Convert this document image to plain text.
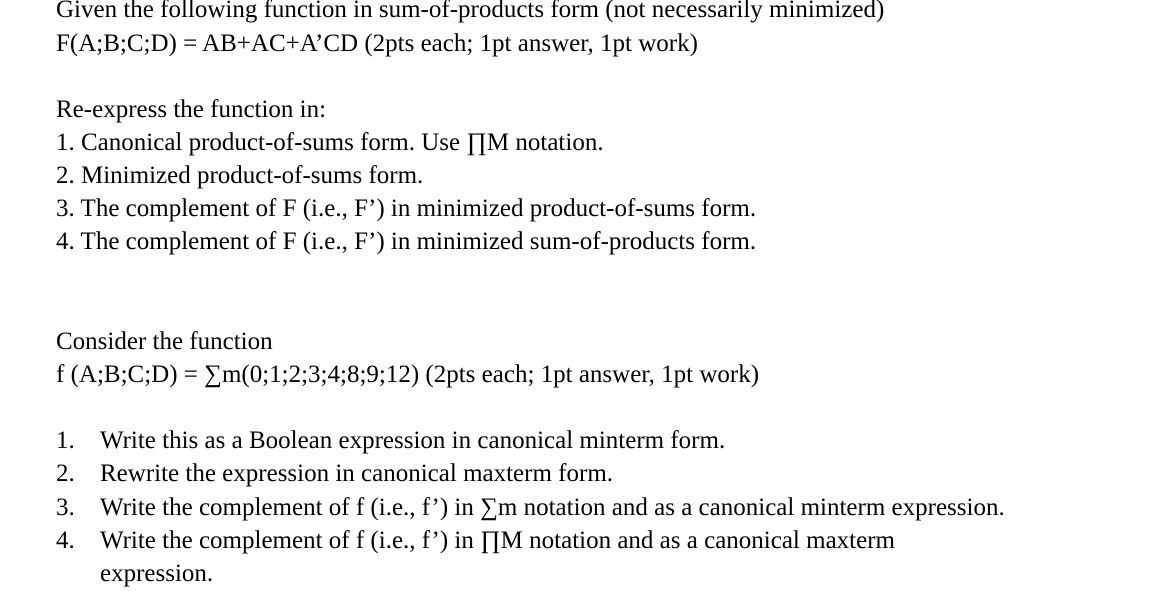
Given the following function in sum-of-products form (not necessarily minimized)
F(A;B;C;D) = AB+AC+A’CD (2pts each; 1pt answer, 1pt work)
Re-express the function in:
1. Canonical product-of-sums form. Use ∏M notation.
2. Minimized product-of-sums form.
3. The complement of F (i.e., F’) in minimized product-of-sums form.
4. The complement of F (i.e., F’) in minimized sum-of-products form.
Consider the function
f (A;B;C;D) = ∑m(0;1;2;3;4;8;9;12) (2pts each; 1pt answer, 1pt work)
1. Write this as a Boolean expression in canonical minterm form.
2. Rewrite the expression in canonical maxterm form.
3. Write the complement of f (i.e., f’) in ∑m notation and as a canonical minterm expression.
4. Write the complement of f (i.e., f’) in ∏M notation and as a canonical maxterm
expression.
